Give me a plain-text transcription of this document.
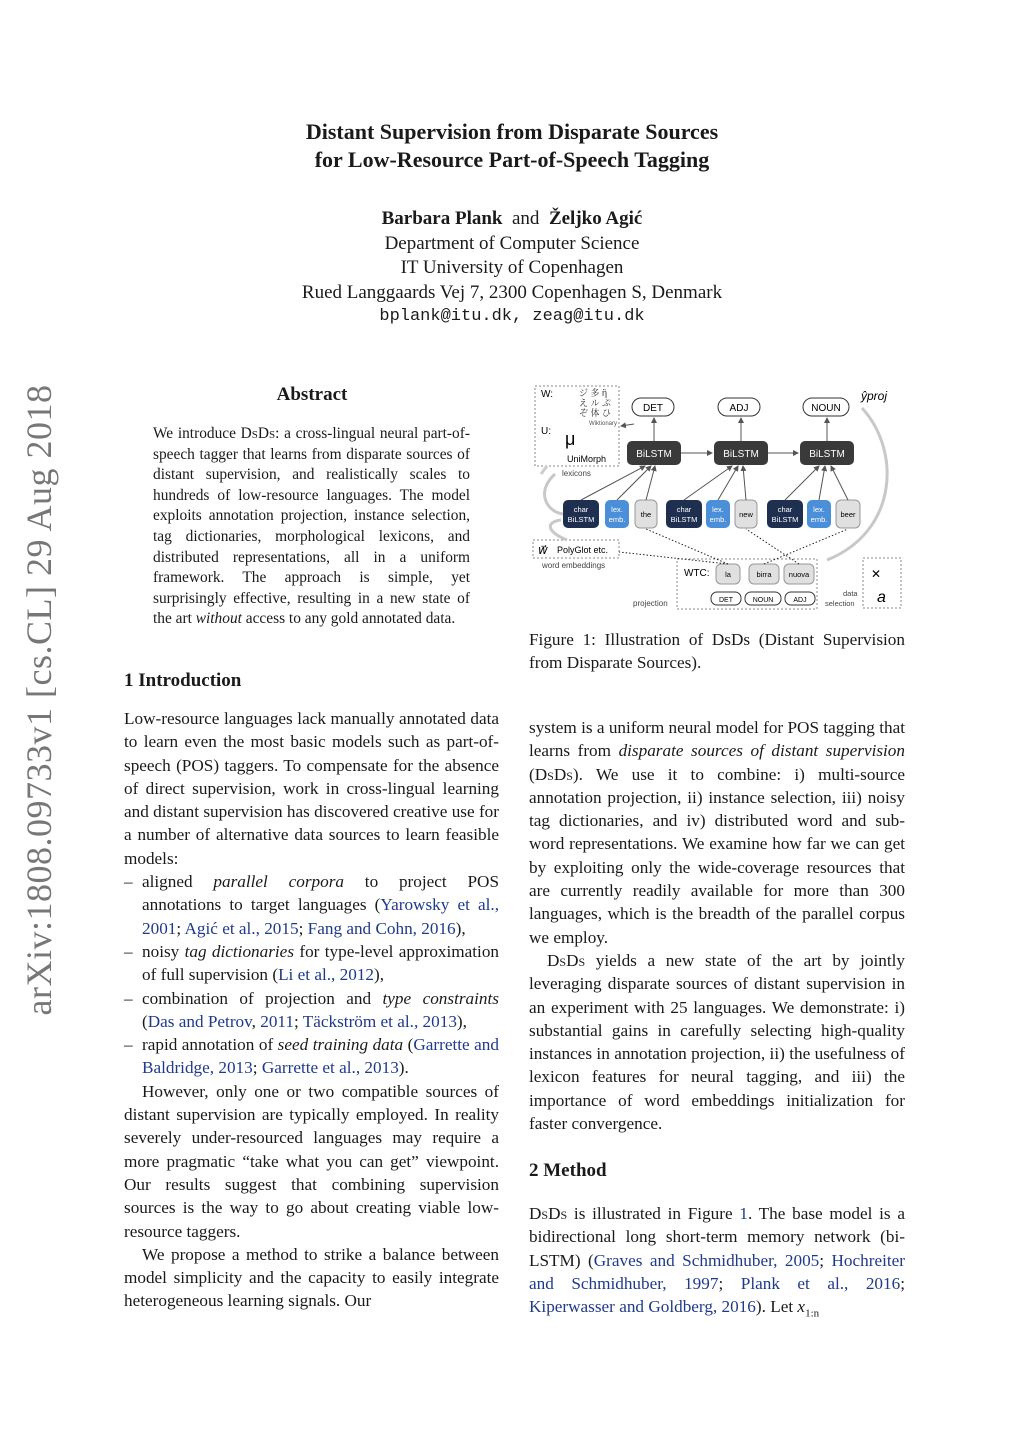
arXiv:1808.09733v1 [cs.CL] 29 Aug 2018
Distant Supervision from Disparate Sources
for Low-Resource Part-of-Speech Tagging
Barbara Plank and Željko Agić
Department of Computer Science
IT University of Copenhagen
Rued Langgaards Vej 7, 2300 Copenhagen S, Denmark
bplank@itu.dk, zeag@itu.dk
Abstract
We introduce DsDs: a cross-lingual neural part-of-speech tagger that learns from disparate sources of distant supervision, and realistically scales to hundreds of low-resource languages. The model exploits annotation projection, instance selection, tag dictionaries, morphological lexicons, and distributed representations, all in a uniform framework. The approach is simple, yet surprisingly effective, resulting in a new state of the art without access to any gold annotated data.
1 Introduction

Low-resource languages lack manually annotated data to learn even the most basic models such as part-of-speech (POS) taggers. To compensate for the absence of direct supervision, work in cross-lingual learning and distant supervision has discovered creative use for a number of alternative data sources to learn feasible models:

– aligned parallel corpora to project POS annotations to target languages (Yarowsky et al., 2001; Agić et al., 2015; Fang and Cohn, 2016),
– noisy tag dictionaries for type-level approximation of full supervision (Li et al., 2012),
– combination of projection and type constraints (Das and Petrov, 2011; Täckström et al., 2013),
– rapid annotation of seed training data (Garrette and Baldridge, 2013; Garrette et al., 2013).

However, only one or two compatible sources of distant supervision are typically employed. In reality severely under-resourced languages may require a more pragmatic “take what you can get” viewpoint. Our results suggest that combining supervision sources is the way to go about creating viable low-resource taggers.

We propose a method to strike a balance between model simplicity and the capacity to easily integrate heterogeneous learning signals. Our

W:
U:
ジ 多 ἢ
え ル ぷ
ぞ 体 ひ
Wiktionary
μ
UniMorph
lexicons
DET	ADJ	NOUN
ŷproj
BiLSTM	BiLSTM	BiLSTM
char
BiLSTM
lex.
emb.
the
char
BiLSTM
lex.
emb.
new
char
BiLSTM
lex.
emb.
beer
w⃗ PolyGlot etc.
word embeddings
WTC: la	birra nuova
DET	NOUN	ADJ
projection
✕
a
data
selection
Figure 1: Illustration of DsDs (Distant Supervision from Disparate Sources).

system is a uniform neural model for POS tagging that learns from disparate sources of distant supervision (DsDs). We use it to combine: i) multi-source annotation projection, ii) instance selection, iii) noisy tag dictionaries, and iv) distributed word and sub-word representations. We examine how far we can get by exploiting only the wide-coverage resources that are currently readily available for more than 300 languages, which is the breadth of the parallel corpus we employ.

DsDs yields a new state of the art by jointly leveraging disparate sources of distant supervision in an experiment with 25 languages. We demonstrate: i) substantial gains in carefully selecting high-quality instances in annotation projection, ii) the usefulness of lexicon features for neural tagging, and iii) the importance of word embeddings initialization for faster convergence.

2 Method

DsDs is illustrated in Figure 1. The base model is a bidirectional long short-term memory network (bi-LSTM) (Graves and Schmidhuber, 2005; Hochreiter and Schmidhuber, 1997; Plank et al., 2016; Kiperwasser and Goldberg, 2016). Let $x_{1:n}$
